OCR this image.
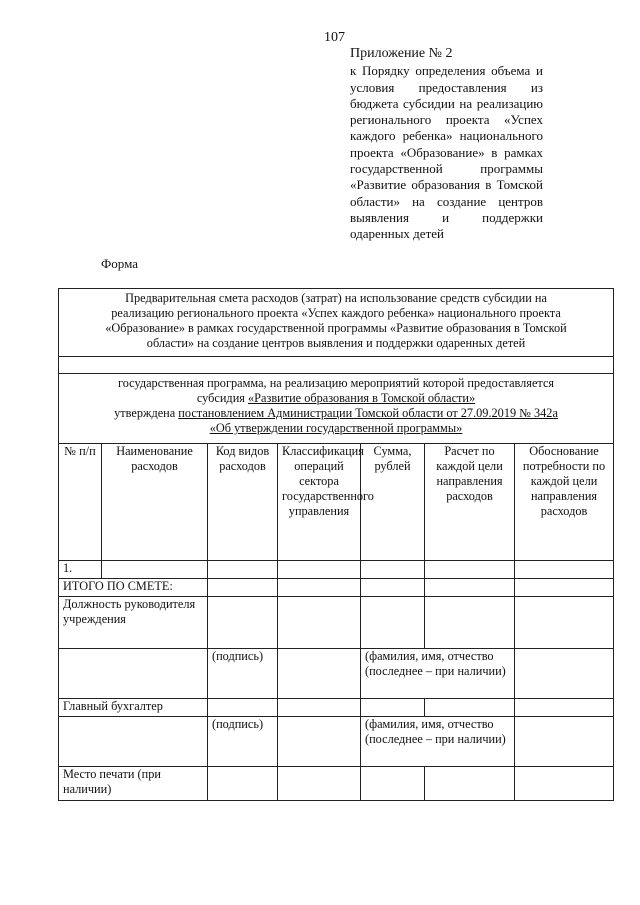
107
Приложение № 2
к Порядку определения объема и условия предоставления из бюджета субсидии на реализацию регионального проекта «Успех каждого ребенка» национального проекта «Образование» в рамках государственной программы «Развитие образования в Томской области» на создание центров выявления и поддержки одаренных детей
Форма
Предварительная смета расходов (затрат) на использование средств субсидии на
реализацию регионального проекта «Успех каждого ребенка» национального проекта
«Образование» в рамках государственной программы «Развитие образования в Томской
области» на создание центров выявления и поддержки одаренных детей						

государственная программа, на реализацию мероприятий которой предоставляется
субсидия «Развитие образования в Томской области»
утверждена постановлением Администрации Томской области от 27.09.2019 № 342а
«Об утверждении государственной программы»						

№ п/п	Наименование расходов	Код видов расходов	Классификация операций сектора государственного управления	Сумма, рублей	Расчет по каждой цели направления расходов	Обоснование потребности по каждой цели направления расходов
1.						
ИТОГО ПО СМЕТЕ:						
Должность руководителя учреждения						
		(подпись)		(фамилия, имя, отчество (последнее – при наличии)		
Главный бухгалтер						
		(подпись)		(фамилия, имя, отчество (последнее – при наличии)		
Место печати (при наличии)						
